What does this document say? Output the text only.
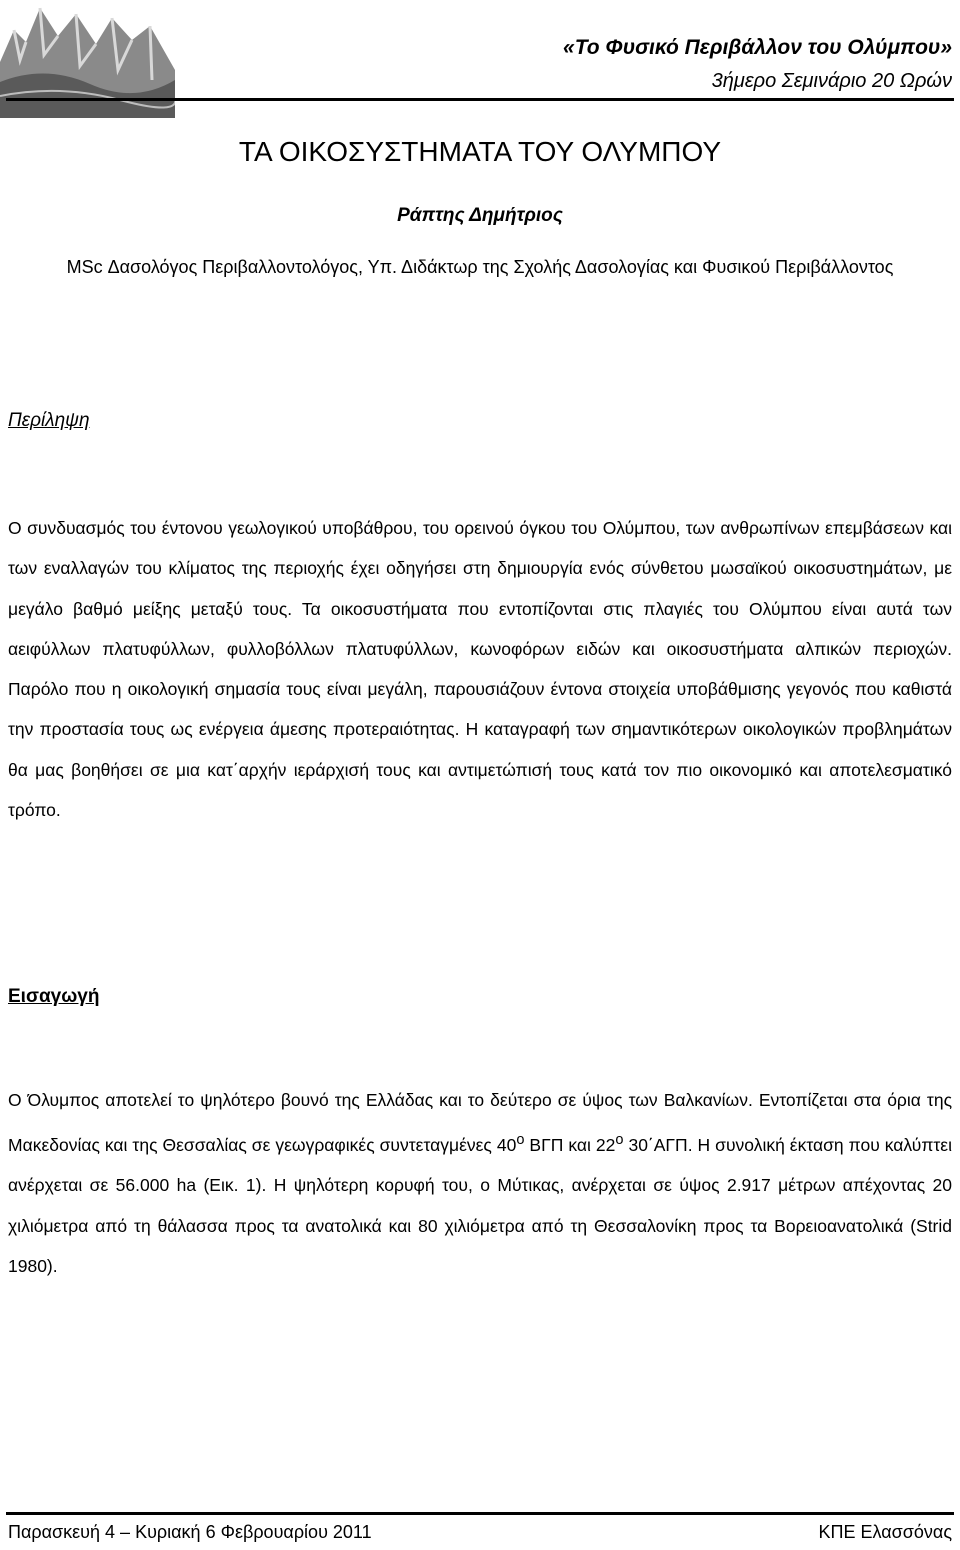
«Το Φυσικό Περιβάλλον του Ολύμπου»
3ήμερο Σεμινάριο 20 Ωρών
ΤΑ ΟΙΚΟΣΥΣΤΗΜΑΤΑ ΤΟΥ ΟΛΥΜΠΟΥ
Ράπτης Δημήτριος
MSc Δασολόγος Περιβαλλοντολόγος, Υπ. Διδάκτωρ της Σχολής Δασολογίας και Φυσικού Περιβάλλοντος
Περίληψη
Ο συνδυασμός του έντονου γεωλογικού υποβάθρου, του ορεινού όγκου του Ολύμπου, των ανθρωπίνων επεμβάσεων και των εναλλαγών του κλίματος της περιοχής έχει οδηγήσει στη δημιουργία ενός σύνθετου μωσαϊκού οικοσυστημάτων, με μεγάλο βαθμό μείξης μεταξύ τους. Τα οικοσυστήματα που εντοπίζονται στις πλαγιές του Ολύμπου είναι αυτά των αειφύλλων πλατυφύλλων, φυλλοβόλλων πλατυφύλλων, κωνοφόρων ειδών και οικοσυστήματα αλπικών περιοχών. Παρόλο που η οικολογική σημασία τους είναι μεγάλη, παρουσιάζουν έντονα στοιχεία υποβάθμισης γεγονός που καθιστά την προστασία τους ως ενέργεια άμεσης προτεραιότητας. Η καταγραφή των σημαντικότερων οικολογικών προβλημάτων θα μας βοηθήσει σε μια κατ΄αρχήν ιεράρχισή τους και αντιμετώπισή τους κατά τον πιο οικονομικό και αποτελεσματικό τρόπο.
Εισαγωγή
Ο Όλυμπος αποτελεί το ψηλότερο βουνό της Ελλάδας και το δεύτερο σε ύψος των Βαλκανίων. Εντοπίζεται στα όρια της Μακεδονίας και της Θεσσαλίας σε γεωγραφικές συντεταγμένες $40^o$ ΒΓΠ και $22^o$ 30΄ΑΓΠ. Η συνολική έκταση που καλύπτει ανέρχεται σε 56.000 ha (Εικ. 1). Η ψηλότερη κορυφή του, ο Μύτικας, ανέρχεται σε ύψος 2.917 μέτρων απέχοντας 20 χιλιόμετρα από τη θάλασσα προς τα ανατολικά και 80 χιλιόμετρα από τη Θεσσαλονίκη προς τα Βορειοανατολικά (Strid 1980).
Παρασκευή 4 – Κυριακή 6 Φεβρουαρίου 2011	ΚΠΕ Ελασσόνας
